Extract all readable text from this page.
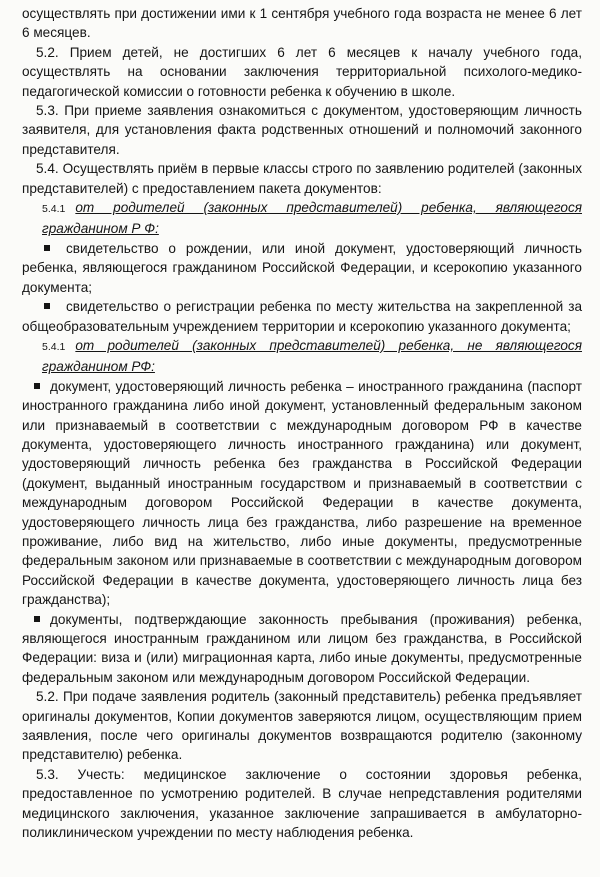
осуществлять при достижении ими к 1 сентября учебного года возраста не менее 6 лет 6 месяцев.

5.2. Прием детей, не достигших 6 лет 6 месяцев к началу учебного года, осуществлять на основании заключения территориальной психолого-медико-педагогической комиссии о готовности ребенка к обучению в школе.

5.3. При приеме заявления ознакомиться с документом, удостоверяющим личность заявителя, для установления факта родственных отношений и полномочий законного представителя.

5.4. Осуществлять приём в первые классы строго по заявлению родителей (законных представителей) с предоставлением пакета документов:

5.4.1 от родителей (законных представителей) ребенка, являющегося гражданином Р Ф:

свидетельство о рождении, или иной документ, удостоверяющий личность ребенка, являющегося гражданином Российской Федерации, и ксерокопию указанного документа;

свидетельство о регистрации ребенка по месту жительства на закрепленной за общеобразовательным учреждением территории и ксерокопию указанного документа;

5.4.1 от родителей (законных представителей) ребенка, не являющегося гражданином РФ:

документ, удостоверяющий личность ребенка – иностранного гражданина (паспорт иностранного гражданина либо иной документ, установленный федеральным законом или признаваемый в соответствии с международным договором РФ в качестве документа, удостоверяющего личность иностранного гражданина) или документ, удостоверяющий личность ребенка без гражданства в Российской Федерации (документ, выданный иностранным государством и признаваемый в соответствии с международным договором Российской Федерации в качестве документа, удостоверяющего личность лица без гражданства, либо разрешение на временное проживание, либо вид на жительство, либо иные документы, предусмотренные федеральным законом или признаваемые в соответствии с международным договором Российской Федерации в качестве документа, удостоверяющего личность лица без гражданства);

документы, подтверждающие законность пребывания (проживания) ребенка, являющегося иностранным гражданином или лицом без гражданства, в Российской Федерации: виза и (или) миграционная карта, либо иные документы, предусмотренные федеральным законом или международным договором Российской Федерации.

5.2. При подаче заявления родитель (законный представитель) ребенка предъявляет оригиналы документов, Копии документов заверяются лицом, осуществляющим прием заявления, после чего оригиналы документов возвращаются родителю (законному представителю) ребенка.

5.3. Учесть: медицинское заключение о состоянии здоровья ребенка, предоставленное по усмотрению родителей. В случае непредставления родителями медицинского заключения, указанное заключение запрашивается в амбулаторно-поликлиническом учреждении по месту наблюдения ребенка.
